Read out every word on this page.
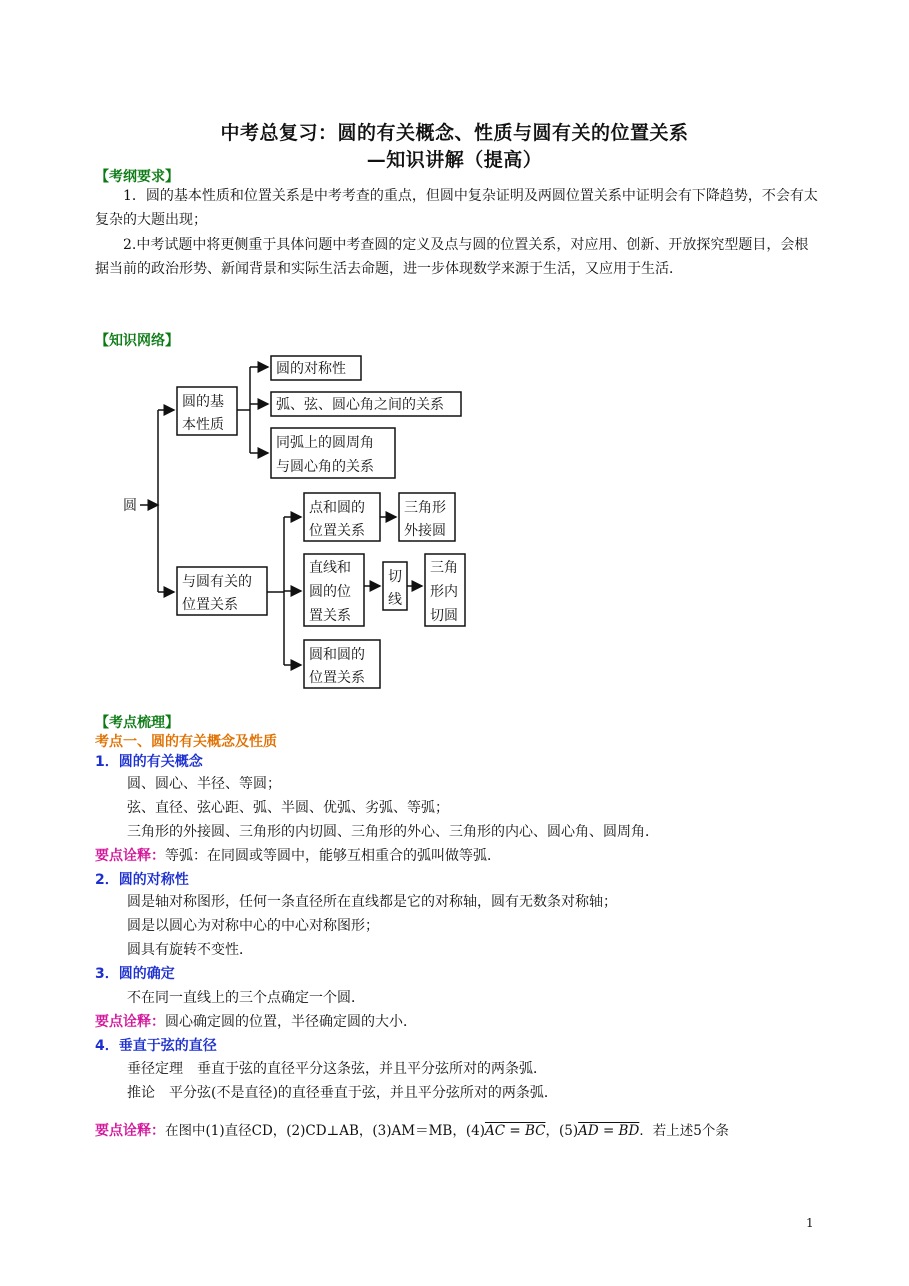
中考总复习：圆的有关概念、性质与圆有关的位置关系
—知识讲解（提高）
【考纲要求】
1．圆的基本性质和位置关系是中考考查的重点，但圆中复杂证明及两圆位置关系中证明会有下降趋势，不会有太复杂的大题出现；
2.中考试题中将更侧重于具体问题中考查圆的定义及点与圆的位置关系，对应用、创新、开放探究型题目，会根据当前的政治形势、新闻背景和实际生活去命题，进一步体现数学来源于生活，又应用于生活．
【知识网络】
圆
圆的基
本性质
圆的对称性
弧、弦、圆心角之间的关系
同弧上的圆周角
与圆心角的关系
与圆有关的
位置关系
点和圆的
位置关系
三角形
外接圆
直线和
圆的位
置关系
切
线
三角
形内
切圆
圆和圆的
位置关系
【考点梳理】
考点一、圆的有关概念及性质
1．圆的有关概念
圆、圆心、半径、等圆；
弦、直径、弦心距、弧、半圆、优弧、劣弧、等弧；
三角形的外接圆、三角形的内切圆、三角形的外心、三角形的内心、圆心角、圆周角．
要点诠释：等弧：在同圆或等圆中，能够互相重合的弧叫做等弧．
2．圆的对称性
圆是轴对称图形，任何一条直径所在直线都是它的对称轴，圆有无数条对称轴；
圆是以圆心为对称中心的中心对称图形；
圆具有旋转不变性．
3．圆的确定
不在同一直线上的三个点确定一个圆．
要点诠释：圆心确定圆的位置，半径确定圆的大小．
4．垂直于弦的直径
垂径定理　垂直于弦的直径平分这条弦，并且平分弦所对的两条弧．
推论　平分弦(不是直径)的直径垂直于弦，并且平分弦所对的两条弧．
要点诠释：在图中(1)直径CD，(2)CD⊥AB，(3)AM＝MB，(4)AC = BC，(5)AD = BD．若上述5个条
1
